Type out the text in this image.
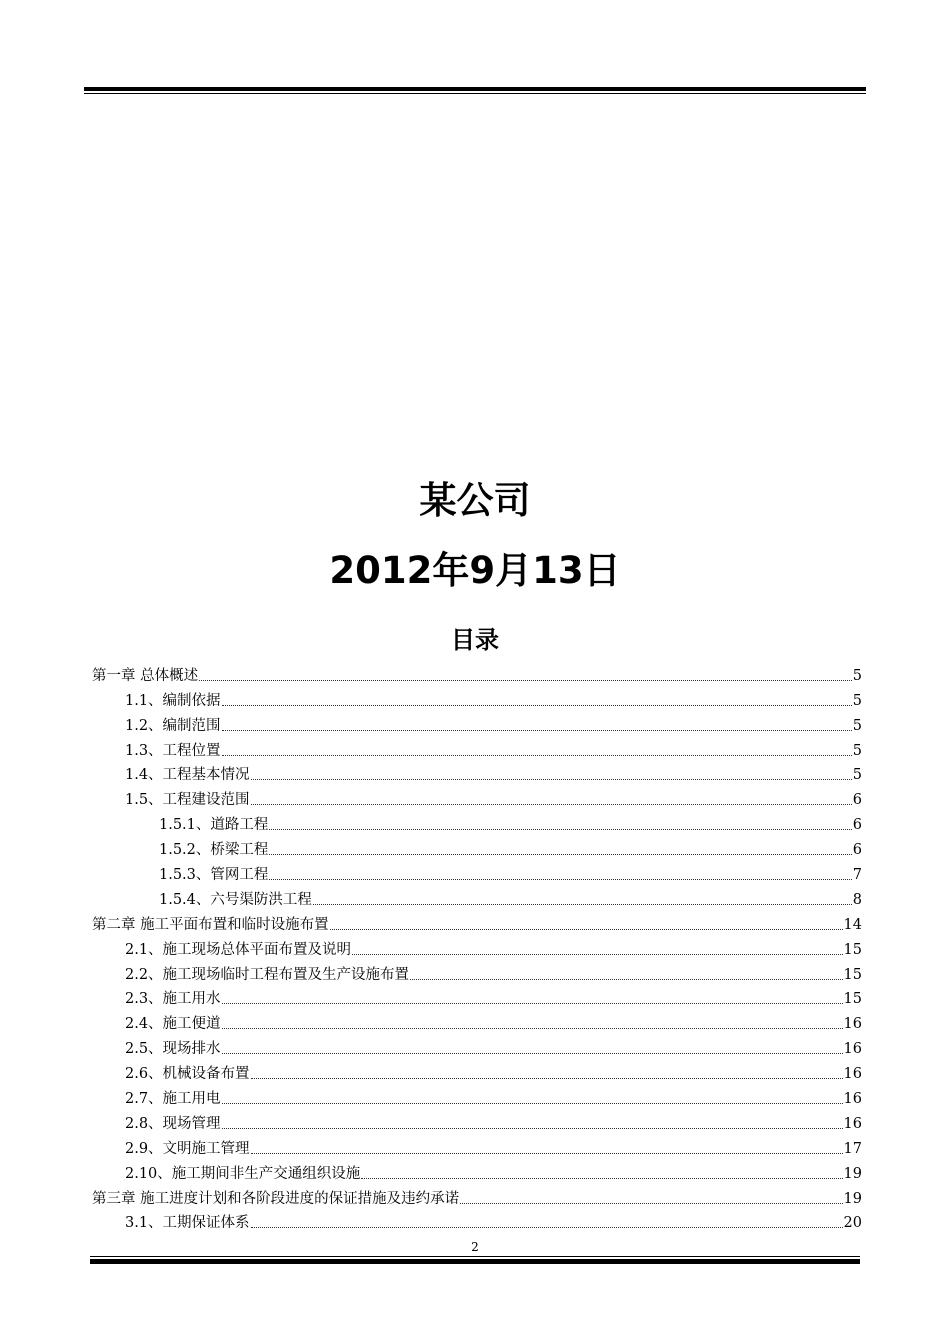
某公司
2012年9月13日
目录
第一章 总体概述	5
1.1、编制依据	5
1.2、编制范围	5
1.3、工程位置	5
1.4、工程基本情况	5
1.5、工程建设范围	6
1.5.1、道路工程	6
1.5.2、桥梁工程	6
1.5.3、管网工程	7
1.5.4、六号渠防洪工程	8
第二章 施工平面布置和临时设施布置	14
2.1、施工现场总体平面布置及说明	15
2.2、施工现场临时工程布置及生产设施布置	15
2.3、施工用水	15
2.4、施工便道	16
2.5、现场排水	16
2.6、机械设备布置	16
2.7、施工用电	16
2.8、现场管理	16
2.9、文明施工管理	17
2.10、施工期间非生产交通组织设施	19
第三章 施工进度计划和各阶段进度的保证措施及违约承诺	19
3.1、工期保证体系	20
2
